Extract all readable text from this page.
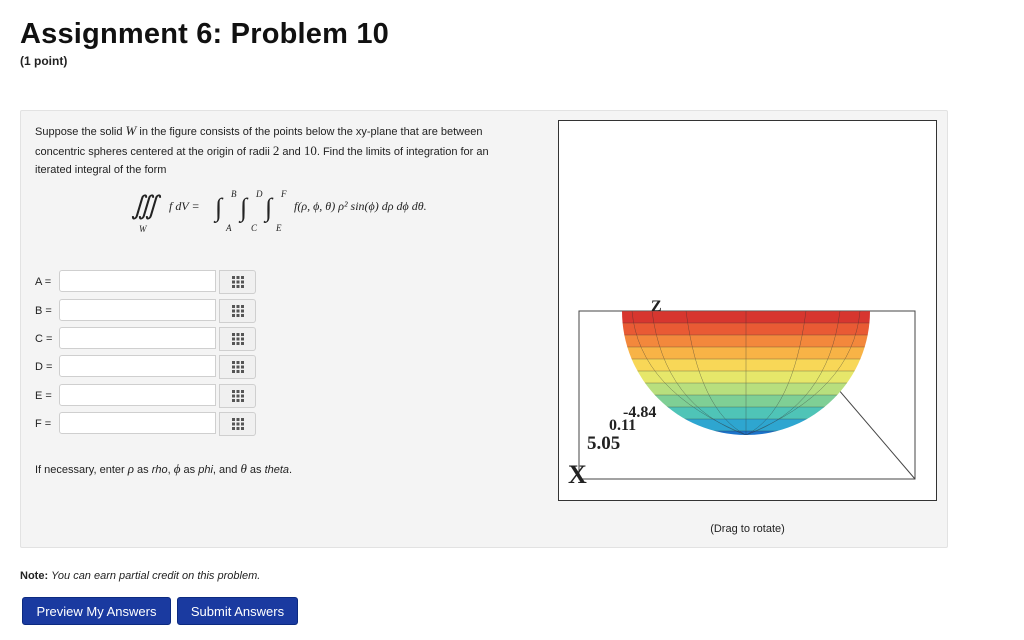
Assignment 6: Problem 10
(1 point)
Suppose the solid W in the figure consists of the points below the xy-plane that are between concentric spheres centered at the origin of radii 2 and 10. Find the limits of integration for an iterated integral of the form
∭
W
f dV = ∫
A
B ∫
C
D ∫
E
F
f(ρ, ϕ, θ) ρ² sin(ϕ) dρ dϕ dθ.
A =
B =
C =
D =
E =
F =
If necessary, enter ρ as rho, ϕ as phi, and θ as theta.
Z
X
-4.84
0.11
5.05
(Drag to rotate)
Note: You can earn partial credit on this problem.
Preview My Answers	Submit Answers
